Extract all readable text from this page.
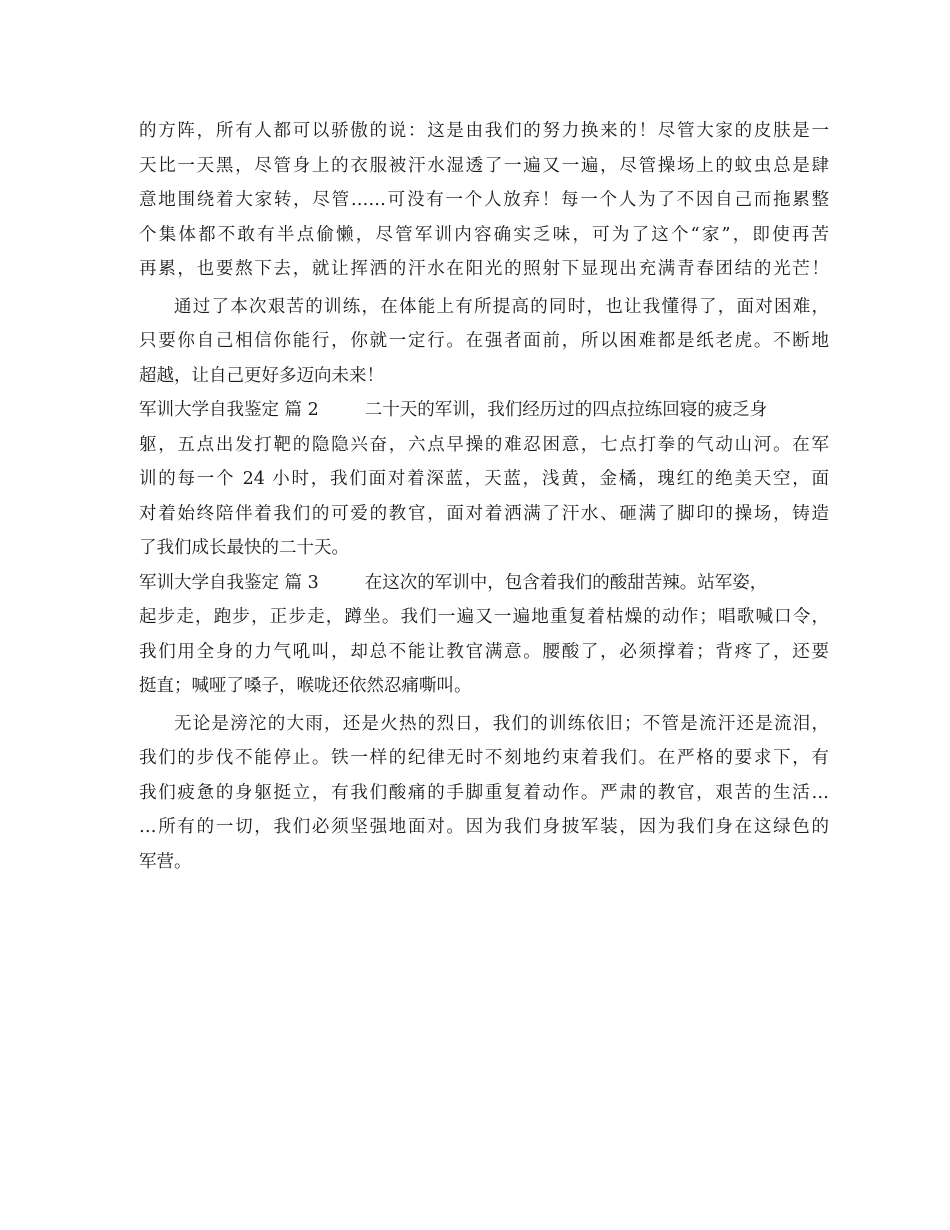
的方阵，所有人都可以骄傲的说：这是由我们的努力换来的！尽管大家的皮肤是一
天比一天黑，尽管身上的衣服被汗水湿透了一遍又一遍，尽管操场上的蚊虫总是肆
意地围绕着大家转，尽管……可没有一个人放弃！每一个人为了不因自己而拖累整
个集体都不敢有半点偷懒，尽管军训内容确实乏味，可为了这个“家”，即使再苦
再累，也要熬下去，就让挥洒的汗水在阳光的照射下显现出充满青春团结的光芒！
通过了本次艰苦的训练，在体能上有所提高的同时，也让我懂得了，面对困难，
只要你自己相信你能行，你就一定行。在强者面前，所以困难都是纸老虎。不断地
超越，让自己更好多迈向未来！
军训大学自我鉴定 篇 2	二十天的军训，我们经历过的四点拉练回寝的疲乏身
躯，五点出发打靶的隐隐兴奋，六点早操的难忍困意，七点打拳的气动山河。在军
训的每一个 24 小时，我们面对着深蓝，天蓝，浅黄，金橘，瑰红的绝美天空，面
对着始终陪伴着我们的可爱的教官，面对着洒满了汗水、砸满了脚印的操场，铸造
了我们成长最快的二十天。
军训大学自我鉴定 篇 3	在这次的军训中，包含着我们的酸甜苦辣。站军姿，
起步走，跑步，正步走，蹲坐。我们一遍又一遍地重复着枯燥的动作；唱歌喊口令，
我们用全身的力气吼叫，却总不能让教官满意。腰酸了，必须撑着；背疼了，还要
挺直；喊哑了嗓子，喉咙还依然忍痛嘶叫。
无论是滂沱的大雨，还是火热的烈日，我们的训练依旧；不管是流汗还是流泪，
我们的步伐不能停止。铁一样的纪律无时不刻地约束着我们。在严格的要求下，有
我们疲惫的身躯挺立，有我们酸痛的手脚重复着动作。严肃的教官，艰苦的生活…
…所有的一切，我们必须坚强地面对。因为我们身披军装，因为我们身在这绿色的
军营。
